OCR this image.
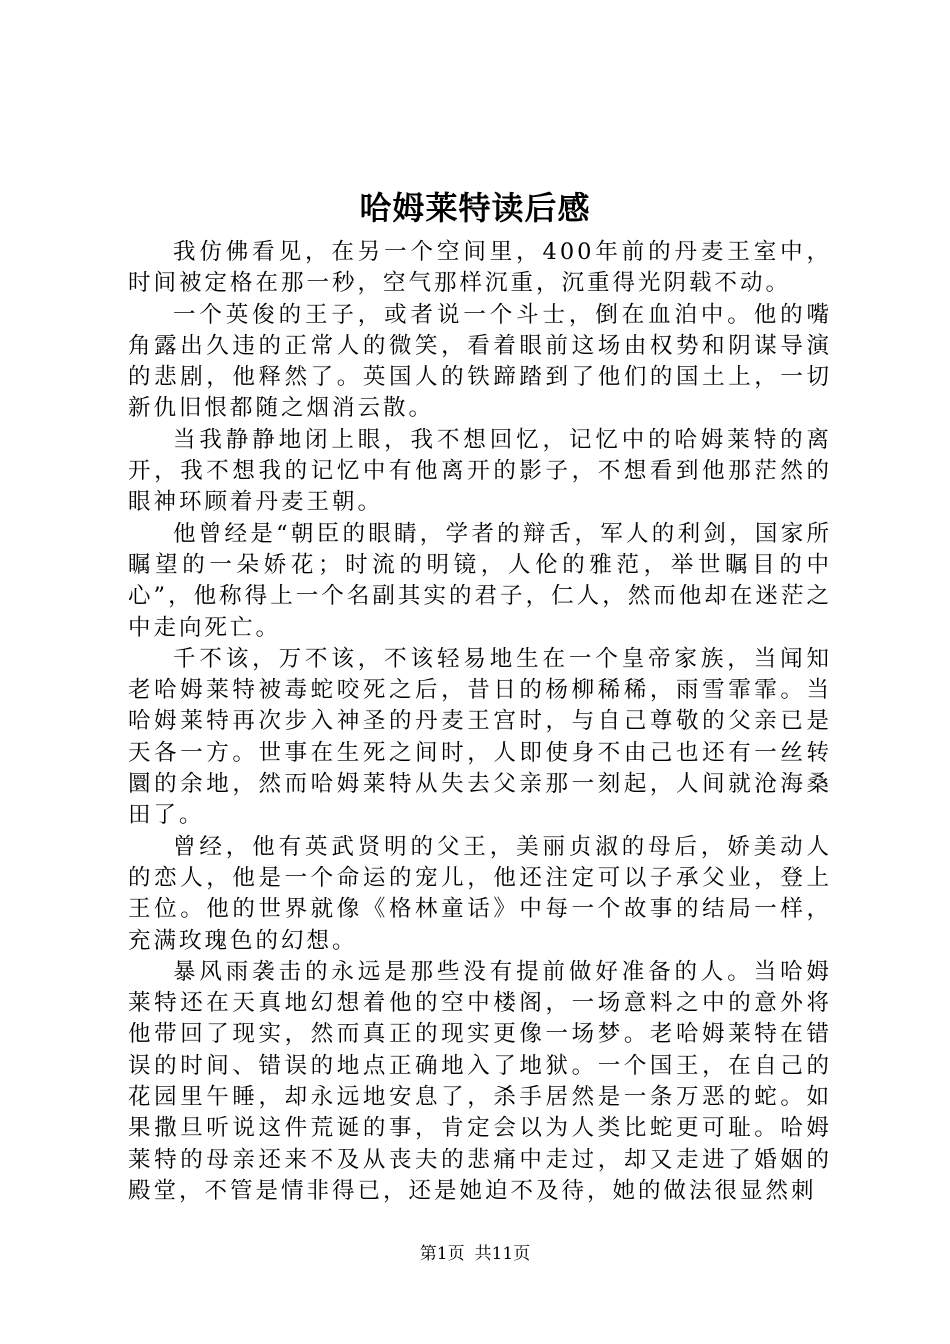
哈姆莱特读后感

我仿佛看见，在另一个空间里，400年前的丹麦王室中，时间被定格在那一秒，空气那样沉重，沉重得光阴载不动。

一个英俊的王子，或者说一个斗士，倒在血泊中。他的嘴角露出久违的正常人的微笑，看着眼前这场由权势和阴谋导演的悲剧，他释然了。英国人的铁蹄踏到了他们的国土上，一切新仇旧恨都随之烟消云散。

当我静静地闭上眼，我不想回忆，记忆中的哈姆莱特的离开，我不想我的记忆中有他离开的影子，不想看到他那茫然的眼神环顾着丹麦王朝。

他曾经是“朝臣的眼睛，学者的辩舌，军人的利剑，国家所瞩望的一朵娇花；时流的明镜，人伦的雅范，举世瞩目的中心”，他称得上一个名副其实的君子，仁人，然而他却在迷茫之中走向死亡。

千不该，万不该，不该轻易地生在一个皇帝家族，当闻知老哈姆莱特被毒蛇咬死之后，昔日的杨柳稀稀，雨雪霏霏。当哈姆莱特再次步入神圣的丹麦王宫时，与自己尊敬的父亲已是天各一方。世事在生死之间时，人即使身不由己也还有一丝转圜的余地，然而哈姆莱特从失去父亲那一刻起，人间就沧海桑田了。

曾经，他有英武贤明的父王，美丽贞淑的母后，娇美动人的恋人，他是一个命运的宠儿，他还注定可以子承父业，登上王位。他的世界就像《格林童话》中每一个故事的结局一样，充满玫瑰色的幻想。

暴风雨袭击的永远是那些没有提前做好准备的人。当哈姆莱特还在天真地幻想着他的空中楼阁，一场意料之中的意外将他带回了现实，然而真正的现实更像一场梦。老哈姆莱特在错误的时间、错误的地点正确地入了地狱。一个国王，在自己的花园里午睡，却永远地安息了，杀手居然是一条万恶的蛇。如果撒旦听说这件荒诞的事，肯定会以为人类比蛇更可耻。哈姆莱特的母亲还来不及从丧夫的悲痛中走过，却又走进了婚姻的殿堂，不管是情非得已，还是她迫不及待，她的做法很显然刺

第1页 共11页
